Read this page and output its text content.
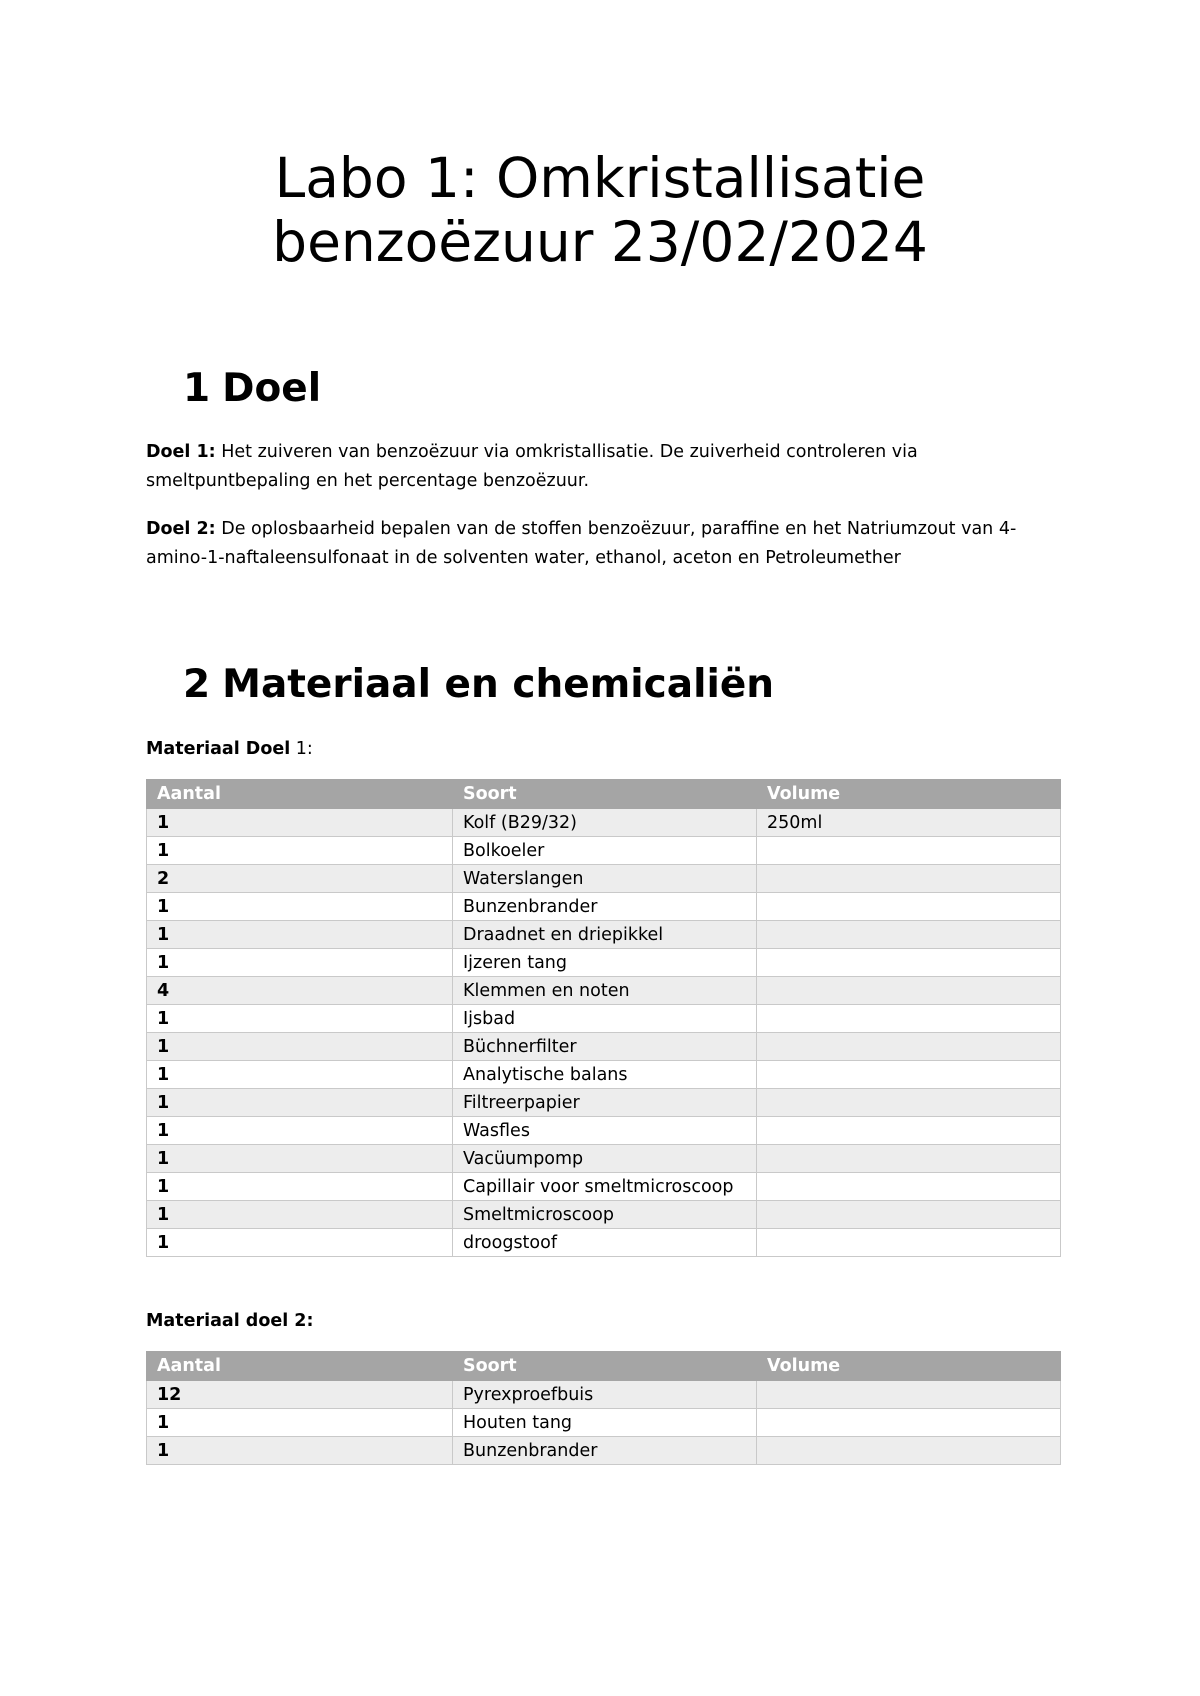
Labo 1: Omkristallisatie
benzoëzuur 23/02/2024
1 Doel

Doel 1: Het zuiveren van benzoëzuur via omkristallisatie. De zuiverheid controleren via smeltpuntbepaling en het percentage benzoëzuur.

Doel 2: De oplosbaarheid bepalen van de stoffen benzoëzuur, paraffine en het Natriumzout van 4-amino-1-naftaleensulfonaat in de solventen water, ethanol, aceton en Petroleumether

2 Materiaal en chemicaliën

Materiaal Doel 1:

Aantal	Soort	Volume
1	Kolf (B29/32)	250ml
1	Bolkoeler	
2	Waterslangen	
1	Bunzenbrander	
1	Draadnet en driepikkel	
1	Ijzeren tang	
4	Klemmen en noten	
1	Ijsbad	
1	Büchnerfilter	
1	Analytische balans	
1	Filtreerpapier	
1	Wasfles	
1	Vacüumpomp	
1	Capillair voor smeltmicroscoop	
1	Smeltmicroscoop	
1	droogstoof	

Materiaal doel 2:

Aantal	Soort	Volume
12	Pyrexproefbuis	
1	Houten tang	
1	Bunzenbrander	
